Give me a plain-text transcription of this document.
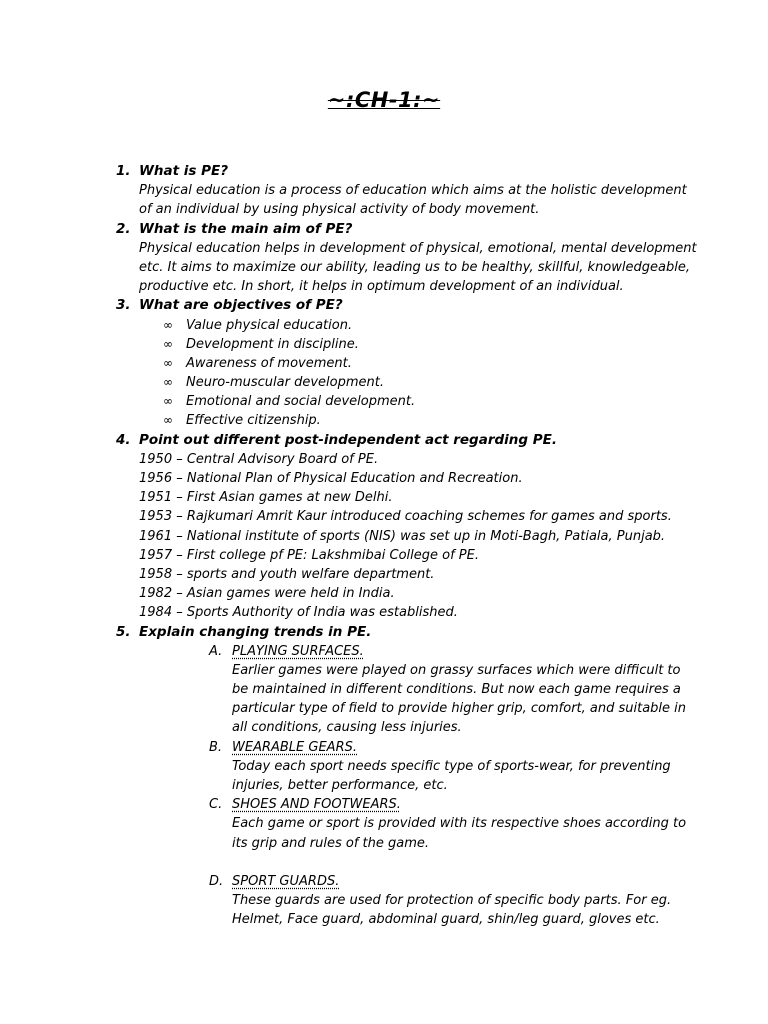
~:CH-1:~
1. What is PE?
Physical education is a process of education which aims at the holistic development
of an individual by using physical activity of body movement.
2. What is the main aim of PE?
Physical education helps in development of physical, emotional, mental development
etc. It aims to maximize our ability, leading us to be healthy, skillful, knowledgeable,
productive etc. In short, it helps in optimum development of an individual.
3. What are objectives of PE?
∞ Value physical education.
∞ Development in discipline.
∞ Awareness of movement.
∞ Neuro-muscular development.
∞ Emotional and social development.
∞ Effective citizenship.
4. Point out different post-independent act regarding PE.
1950 – Central Advisory Board of PE.
1956 – National Plan of Physical Education and Recreation.
1951 – First Asian games at new Delhi.
1953 – Rajkumari Amrit Kaur introduced coaching schemes for games and sports.
1961 – National institute of sports (NIS) was set up in Moti-Bagh, Patiala, Punjab.
1957 – First college pf PE: Lakshmibai College of PE.
1958 – sports and youth welfare department.
1982 – Asian games were held in India.
1984 – Sports Authority of India was established.
5. Explain changing trends in PE.
A. PLAYING SURFACES.
Earlier games were played on grassy surfaces which were difficult to
be maintained in different conditions. But now each game requires a
particular type of field to provide higher grip, comfort, and suitable in
all conditions, causing less injuries.
B. WEARABLE GEARS.
Today each sport needs specific type of sports-wear, for preventing
injuries, better performance, etc.
C. SHOES AND FOOTWEARS.
Each game or sport is provided with its respective shoes according to
its grip and rules of the game.
D. SPORT GUARDS.
These guards are used for protection of specific body parts. For eg.
Helmet, Face guard, abdominal guard, shin/leg guard, gloves etc.
